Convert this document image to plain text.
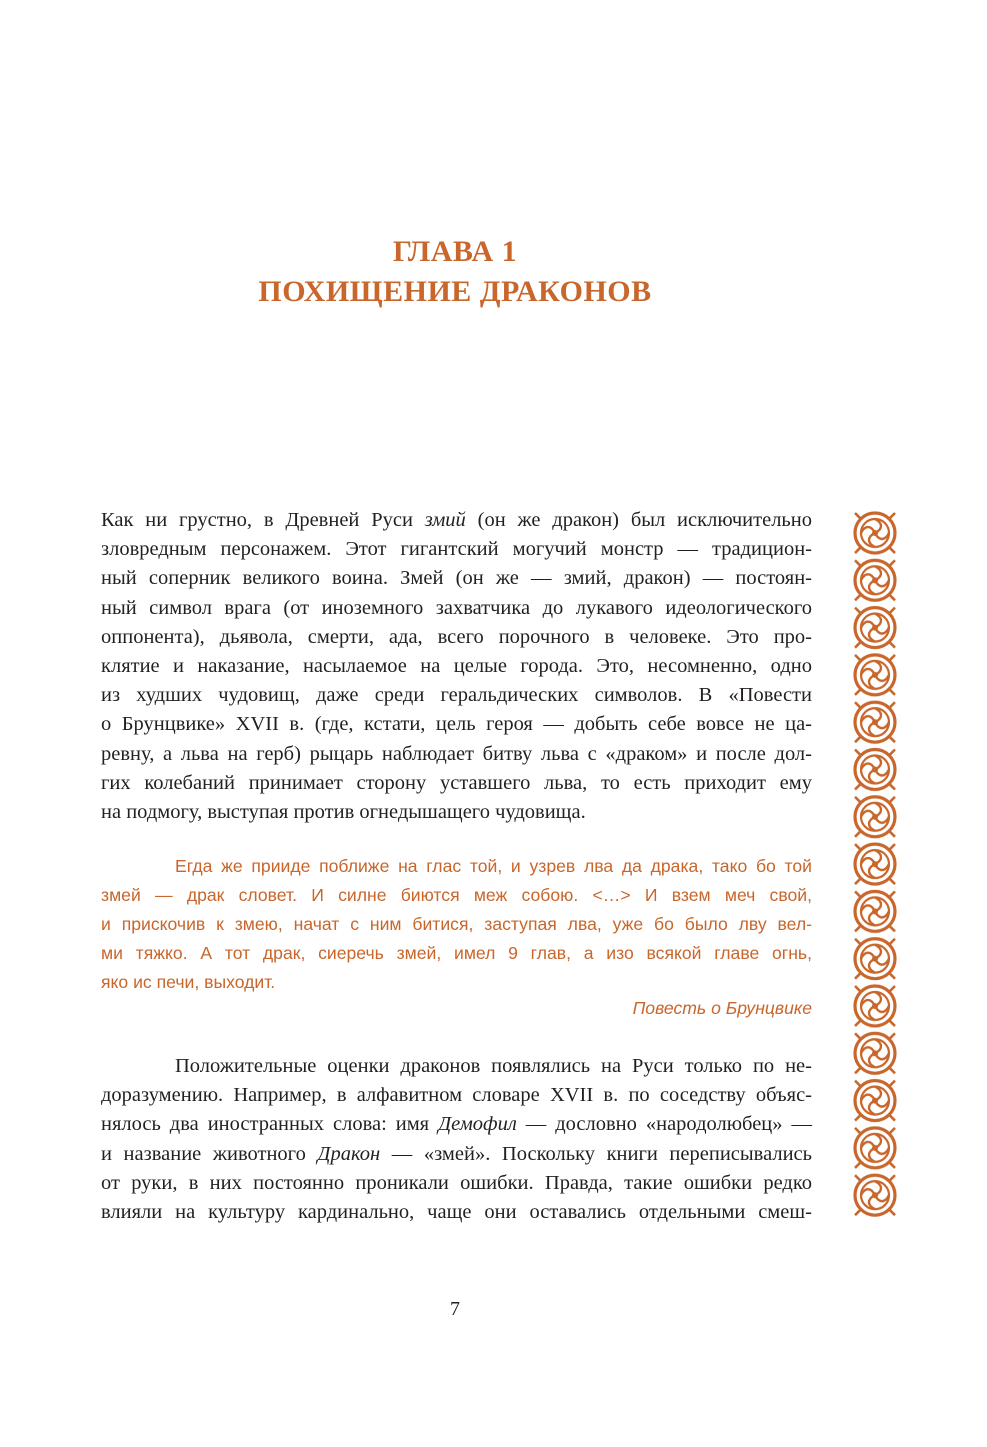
ГЛАВА 1
ПОХИЩЕНИЕ ДРАКОНОВ
Как ни грустно, в Древней Руси змий (он же дракон) был исключительно
зловредным персонажем. Этот гигантский могучий монстр — традицион-
ный соперник великого воина. Змей (он же — змий, дракон) — постоян-
ный символ врага (от иноземного захватчика до лукавого идеологического
оппонента), дьявола, смерти, ада, всего порочного в человеке. Это про-
клятие и наказание, насылаемое на целые города. Это, несомненно, одно
из худших чудовищ, даже среди геральдических символов. В «Повести
о Брунцвике» XVII в. (где, кстати, цель героя — добыть себе вовсе не ца-
ревну, а льва на герб) рыцарь наблюдает битву льва с «драком» и после дол-
гих колебаний принимает сторону уставшего льва, то есть приходит ему
на подмогу, выступая против огнедышащего чудовища.
Егда же прииде поближе на глас той, и узрев лва да драка, тако бо той
змей — драк словет. И силне биются меж собою. <…> И взем меч свой,
и прискочив к змею, начат с ним битися, заступая лва, уже бо было лву вел-
ми тяжко. А тот драк, сиеречь змей, имел 9 глав, а изо всякой главе огнь,
яко ис печи, выходит.
Повесть о Брунцвике
Положительные оценки драконов появлялись на Руси только по не-
доразумению. Например, в алфавитном словаре XVII в. по соседству объяс-
нялось два иностранных слова: имя Демофил — дословно «народолюбец» —
и название животного Дракон — «змей». Поскольку книги переписывались
от руки, в них постоянно проникали ошибки. Правда, такие ошибки редко
влияли на культуру кардинально, чаще они оставались отдельными смеш-
7
